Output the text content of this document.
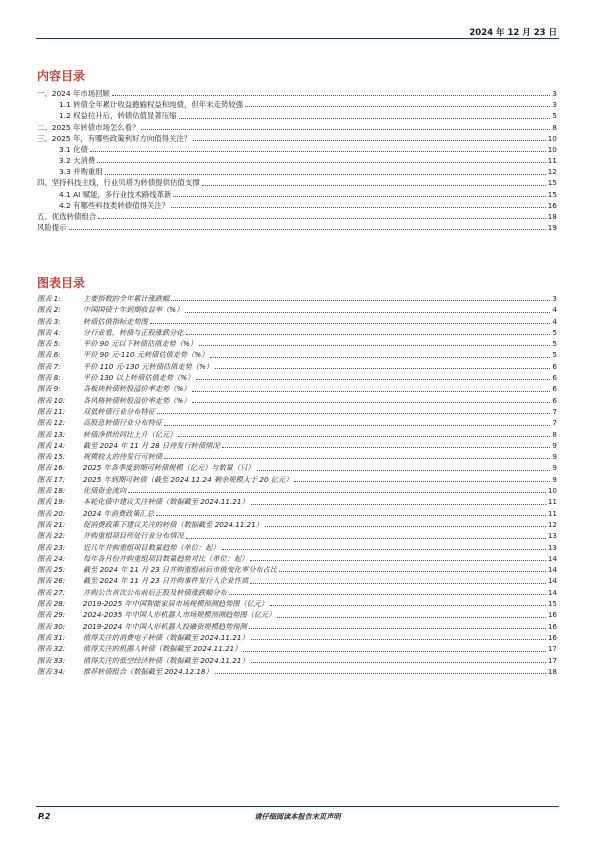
2024 年 12 月 23 日
内容目录
一、2024 年市场回顾	3
1.1 转债全年累计收益跑输权益和纯债，但年末走势较强	3
1.2 权益拉升后，转债估值显著压缩	5
二、2025 年转债市场怎么看？	8
三、2025 年，有哪些政策利好方向值得关注？	10
3.1 化债	10
3.2 大消费	11
3.3 并购重组	12
四、坚持科技主线，行业贝塔为转债提供估值支撑	15
4.1 AI 赋能，多行业技术路线革新	15
4.2 有哪些科技类转债值得关注？	16
五、优选转债组合	18
风险提示	19
图表目录
图表 1:	主要指数的全年累计涨跌幅	3
图表 2:	中国国债十年到期收益率（%）	4
图表 3:	转债估值指标走势图	4
图表 4:	分行业看，转债与正股涨跌分化	5
图表 5:	平价 90 元以下转债估值走势（%）	5
图表 6:	平价 90 元-110 元转债估值走势（%）	5
图表 7:	平价 110 元-130 元转债估值走势（%）	6
图表 8:	平价 130 以上转债估值走势（%）	6
图表 9:	各板块转债转股溢价率走势（%）	6
图表 10:	各风格转债转股溢价率走势（%）	6
图表 11:	双低转债行业分布特征	7
图表 12:	高股息转债行业分布特征	7
图表 13:	转债净供给同比上升（亿元）	8
图表 14:	截至 2024 年 11 月 28 日待发行转债情况	9
图表 15:	规模较大的待发行可转债	9
图表 16:	2025 年各季度到期可转债规模（亿元）与数量（只）	9
图表 17:	2025 年到期可转债（截至 2024.11.24 剩余规模大于 20 亿元）	9
图表 18:	化债资金流向	10
图表 19:	本轮化债中建议关注转债（数据截至 2024.11.21）	11
图表 20:	2024 年消费政策汇总	11
图表 21:	促消费政策下建议关注的转债（数据截至 2024.11.21）	12
图表 22:	并购重组项目所处行业分布情况	13
图表 23:	近几年并购重组项目数量趋势（单位：起）	13
图表 24:	每年各月份并购重组项目数量趋势对比（单位：起）	14
图表 25:	截至 2024 年 11 月 23 日并购重组前后市值变化率分布占比	14
图表 26:	截至 2024 年 11 月 23 日并购事件发行人企业性质	14
图表 27:	并购公告首次公布前后正股及转债涨跌幅分布	14
图表 28:	2019-2025 年中国智能家居市场规模预测趋势图（亿元）	15
图表 29:	2024-2035 年中国人形机器人市场规模预测趋势图（亿元）	16
图表 30:	2019-2024 年中国人形机器人投融资规模趋势预测	16
图表 31:	值得关注的消费电子转债（数据截至 2024.11.21）	16
图表 32:	值得关注的机器人转债（数据截至 2024.11.21）	17
图表 33:	值得关注的低空经济转债（数据截至 2024.11.21）	17
图表 34:	推荐转债组合（数据截至 2024.12.18）	18
P.2	请仔细阅读本报告末页声明
